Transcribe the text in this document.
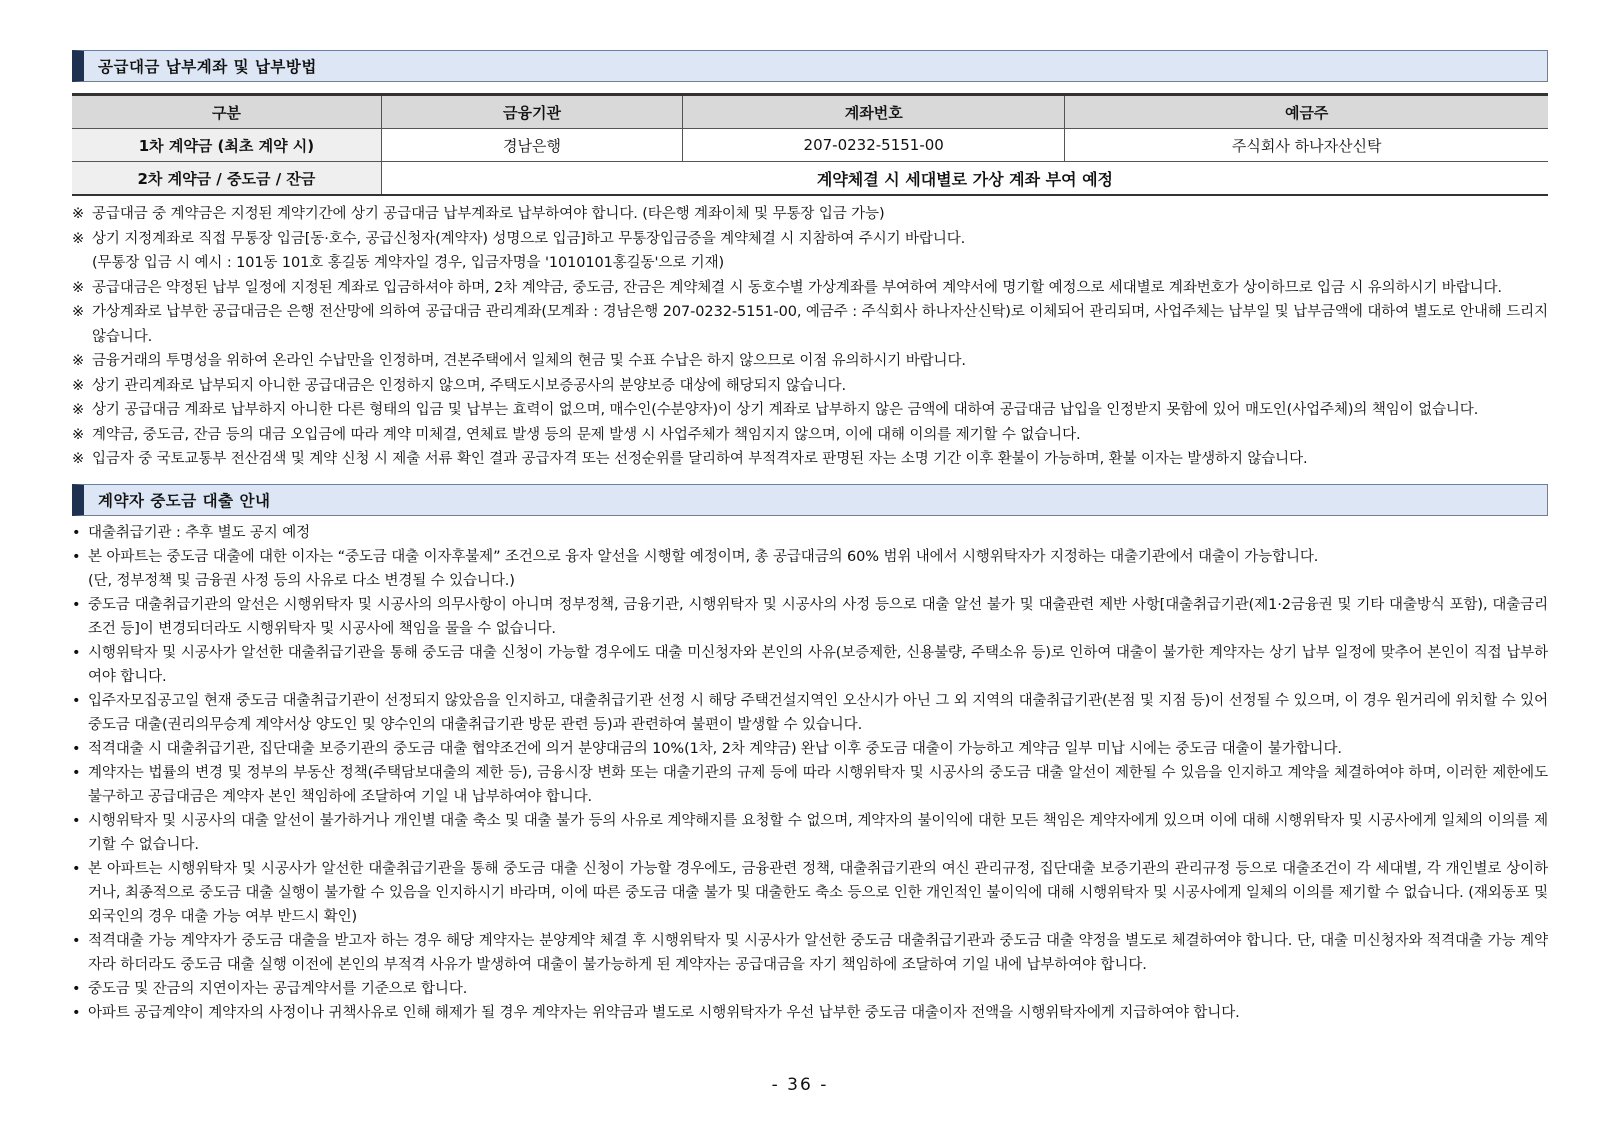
공급대금 납부계좌 및 납부방법
구분	금융기관	계좌번호	예금주
1차 계약금 (최초 계약 시)	경남은행	207-0232-5151-00	주식회사 하나자산신탁
2차 계약금 / 중도금 / 잔금	계약체결 시 세대별로 가상 계좌 부여 예정		
※ 공급대금 중 계약금은 지정된 계약기간에 상기 공급대금 납부계좌로 납부하여야 합니다. (타은행 계좌이체 및 무통장 입금 가능)
※ 상기 지정계좌로 직접 무통장 입금[동·호수, 공급신청자(계약자) 성명으로 입금]하고 무통장입금증을 계약체결 시 지참하여 주시기 바랍니다.
(무통장 입금 시 예시 : 101동 101호 홍길동 계약자일 경우, 입금자명을 '1010101홍길동'으로 기재)
※ 공급대금은 약정된 납부 일정에 지정된 계좌로 입금하셔야 하며, 2차 계약금, 중도금, 잔금은 계약체결 시 동호수별 가상계좌를 부여하여 계약서에 명기할 예정으로 세대별로 계좌번호가 상이하므로 입금 시 유의하시기 바랍니다.
※ 가상계좌로 납부한 공급대금은 은행 전산망에 의하여 공급대금 관리계좌(모계좌 : 경남은행 207-0232-5151-00, 예금주 : 주식회사 하나자산신탁)로 이체되어 관리되며, 사업주체는 납부일 및 납부금액에 대하여 별도로 안내해 드리지 않습니다.
※ 금융거래의 투명성을 위하여 온라인 수납만을 인정하며, 견본주택에서 일체의 현금 및 수표 수납은 하지 않으므로 이점 유의하시기 바랍니다.
※ 상기 관리계좌로 납부되지 아니한 공급대금은 인정하지 않으며, 주택도시보증공사의 분양보증 대상에 해당되지 않습니다.
※ 상기 공급대금 계좌로 납부하지 아니한 다른 형태의 입금 및 납부는 효력이 없으며, 매수인(수분양자)이 상기 계좌로 납부하지 않은 금액에 대하여 공급대금 납입을 인정받지 못함에 있어 매도인(사업주체)의 책임이 없습니다.
※ 계약금, 중도금, 잔금 등의 대금 오입금에 따라 계약 미체결, 연체료 발생 등의 문제 발생 시 사업주체가 책임지지 않으며, 이에 대해 이의를 제기할 수 없습니다.
※ 입금자 중 국토교통부 전산검색 및 계약 신청 시 제출 서류 확인 결과 공급자격 또는 선정순위를 달리하여 부적격자로 판명된 자는 소명 기간 이후 환불이 가능하며, 환불 이자는 발생하지 않습니다.
계약자 중도금 대출 안내
• 대출취급기관 : 추후 별도 공지 예정
• 본 아파트는 중도금 대출에 대한 이자는 “중도금 대출 이자후불제” 조건으로 융자 알선을 시행할 예정이며, 총 공급대금의 60% 범위 내에서 시행위탁자가 지정하는 대출기관에서 대출이 가능합니다.
(단, 정부정책 및 금융권 사정 등의 사유로 다소 변경될 수 있습니다.)
• 중도금 대출취급기관의 알선은 시행위탁자 및 시공사의 의무사항이 아니며 정부정책, 금융기관, 시행위탁자 및 시공사의 사정 등으로 대출 알선 불가 및 대출관련 제반 사항[대출취급기관(제1·2금융권 및 기타 대출방식 포함), 대출금리 조건 등]이 변경되더라도 시행위탁자 및 시공사에 책임을 물을 수 없습니다.
• 시행위탁자 및 시공사가 알선한 대출취급기관을 통해 중도금 대출 신청이 가능할 경우에도 대출 미신청자와 본인의 사유(보증제한, 신용불량, 주택소유 등)로 인하여 대출이 불가한 계약자는 상기 납부 일정에 맞추어 본인이 직접 납부하여야 합니다.
• 입주자모집공고일 현재 중도금 대출취급기관이 선정되지 않았음을 인지하고, 대출취급기관 선정 시 해당 주택건설지역인 오산시가 아닌 그 외 지역의 대출취급기관(본점 및 지점 등)이 선정될 수 있으며, 이 경우 원거리에 위치할 수 있어 중도금 대출(권리의무승계 계약서상 양도인 및 양수인의 대출취급기관 방문 관련 등)과 관련하여 불편이 발생할 수 있습니다.
• 적격대출 시 대출취급기관, 집단대출 보증기관의 중도금 대출 협약조건에 의거 분양대금의 10%(1차, 2차 계약금) 완납 이후 중도금 대출이 가능하고 계약금 일부 미납 시에는 중도금 대출이 불가합니다.
• 계약자는 법률의 변경 및 정부의 부동산 정책(주택담보대출의 제한 등), 금융시장 변화 또는 대출기관의 규제 등에 따라 시행위탁자 및 시공사의 중도금 대출 알선이 제한될 수 있음을 인지하고 계약을 체결하여야 하며, 이러한 제한에도 불구하고 공급대금은 계약자 본인 책임하에 조달하여 기일 내 납부하여야 합니다.
• 시행위탁자 및 시공사의 대출 알선이 불가하거나 개인별 대출 축소 및 대출 불가 등의 사유로 계약해지를 요청할 수 없으며, 계약자의 불이익에 대한 모든 책임은 계약자에게 있으며 이에 대해 시행위탁자 및 시공사에게 일체의 이의를 제기할 수 없습니다.
• 본 아파트는 시행위탁자 및 시공사가 알선한 대출취급기관을 통해 중도금 대출 신청이 가능할 경우에도, 금융관련 정책, 대출취급기관의 여신 관리규정, 집단대출 보증기관의 관리규정 등으로 대출조건이 각 세대별, 각 개인별로 상이하거나, 최종적으로 중도금 대출 실행이 불가할 수 있음을 인지하시기 바라며, 이에 따른 중도금 대출 불가 및 대출한도 축소 등으로 인한 개인적인 불이익에 대해 시행위탁자 및 시공사에게 일체의 이의를 제기할 수 없습니다. (재외동포 및 외국인의 경우 대출 가능 여부 반드시 확인)
• 적격대출 가능 계약자가 중도금 대출을 받고자 하는 경우 해당 계약자는 분양계약 체결 후 시행위탁자 및 시공사가 알선한 중도금 대출취급기관과 중도금 대출 약정을 별도로 체결하여야 합니다. 단, 대출 미신청자와 적격대출 가능 계약자라 하더라도 중도금 대출 실행 이전에 본인의 부적격 사유가 발생하여 대출이 불가능하게 된 계약자는 공급대금을 자기 책임하에 조달하여 기일 내에 납부하여야 합니다.
• 중도금 및 잔금의 지연이자는 공급계약서를 기준으로 합니다.
• 아파트 공급계약이 계약자의 사정이나 귀책사유로 인해 해제가 될 경우 계약자는 위약금과 별도로 시행위탁자가 우선 납부한 중도금 대출이자 전액을 시행위탁자에게 지급하여야 합니다.
- 36 -
